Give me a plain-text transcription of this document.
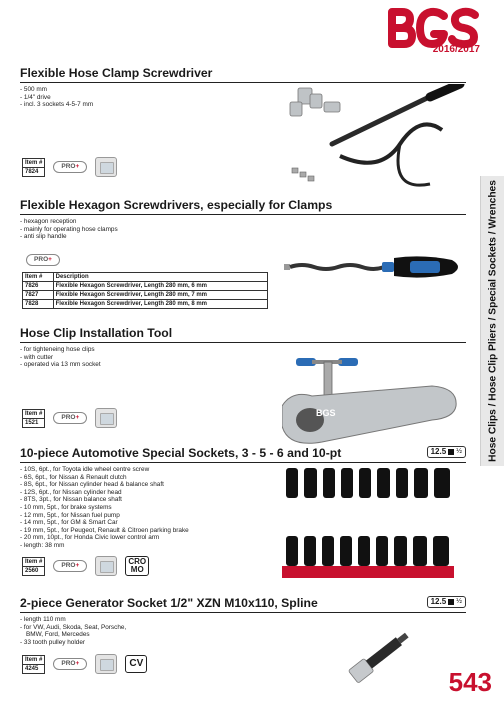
2016/2017
Hose Clips / Hose Clip Pliers / Special Sockets / Wrenches
Flexible Hose Clamp Screwdriver
- 500 mm
- 1/4" drive
- incl. 3 sockets 4-5-7 mm
Item #
7824
PRO+
Flexible Hexagon Screwdrivers, especially for Clamps
- hexagon reception
- mainly for operating hose clamps
- anti slip handle
PRO+
Item #	Description
7826	Flexible Hexagon Screwdriver, Length 280 mm, 6 mm
7827	Flexible Hexagon Screwdriver, Length 280 mm, 7 mm
7828	Flexible Hexagon Screwdriver, Length 280 mm, 8 mm
Hose Clip Installation Tool
- for tighteneing hose clips
- with cutter
- operated via 13 mm socket
Item #
1521
PRO+	BGS
10-piece Automotive Special Sockets, 3 - 5 - 6 and 10-pt	12.5 ½
- 10S, 6pt., for Toyota idle wheel centre screw
- 6S, 6pt., for Nissan & Renault clutch
- 8S, 6pt., for Nissan cylinder head & balance shaft
- 12S, 6pt., for Nissan cylinder head
- 8TS, 3pt., for Nissan balance shaft
- 10 mm, 5pt., for brake systems
- 12 mm, 5pt., for Nissan fuel pump
- 14 mm, 5pt., for GM & Smart Car
- 19 mm, 5pt., for Peugeot, Renault & Citroen parking brake
- 20 mm, 10pt., for Honda Civic lower control arm
- length: 38 mm
Item #
2560
PRO+	CRO
MO
2-piece Generator Socket 1/2" XZN M10x110, Spline	12.5 ½
- length 110 mm
- for VW, Audi, Skoda, Seat, Porsche,
BMW, Ford, Mercedes
- 33 tooth pulley holder
Item #
4245
PRO+	CV
543
